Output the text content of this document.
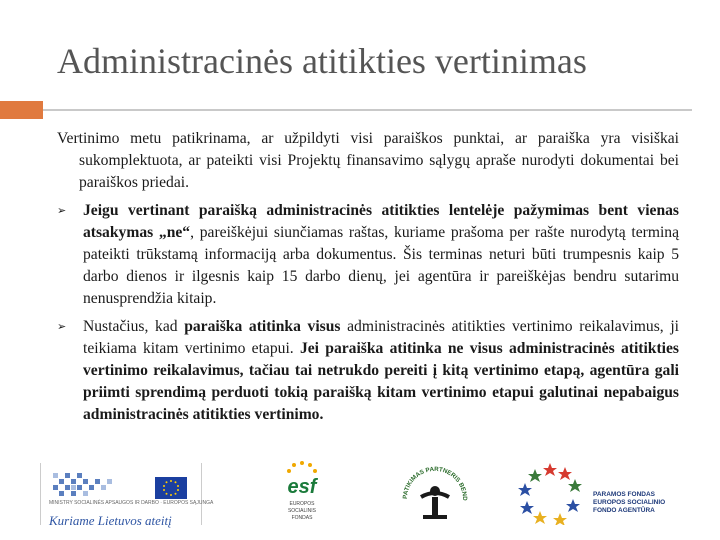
Administracinės atitikties vertinimas

Vertinimo metu patikrinama, ar užpildyti visi paraiškos punktai, ar paraiška yra visiškai sukomplektuota, ar pateikti visi Projektų finansavimo sąlygų apraše nurodyti dokumentai bei paraiškos priedai.

➢ Jeigu vertinant paraišką administracinės atitikties lentelėje pažymimas bent vienas atsakymas „ne“, pareiškėjui siunčiamas raštas, kuriame prašoma per rašte nurodytą terminą pateikti trūkstamą informaciją arba dokumentus. Šis terminas neturi būti trumpesnis kaip 5 darbo dienos ir ilgesnis kaip 15 darbo dienų, jei agentūra ir pareiškėjas bendru sutarimu nenusprendžia kitaip.
➢ Nustačius, kad paraiška atitinka visus administracinės atitikties vertinimo reikalavimus, ji teikiama kitam vertinimo etapui. Jei paraiška atitinka ne visus administracinės atitikties vertinimo reikalavimus, tačiau tai netrukdo pereiti į kitą vertinimo etapą, agentūra gali priimti sprendimą perduoti tokią paraišką kitam vertinimo etapui galutinai nepabaigus administracinės atitikties vertinimo.
MINISTRY SOCIALINĖS APSAUGOS IR DARBO · EUROPOS SĄJUNGA
Kuriame Lietuvos ateitį
esf
EUROPOS
SOCIALINIS
FONDAS
PATIKIMAS PARTNERIS BEND
PARAMOS FONDAS
EUROPOS SOCIALINIO
FONDO AGENTŪRA
